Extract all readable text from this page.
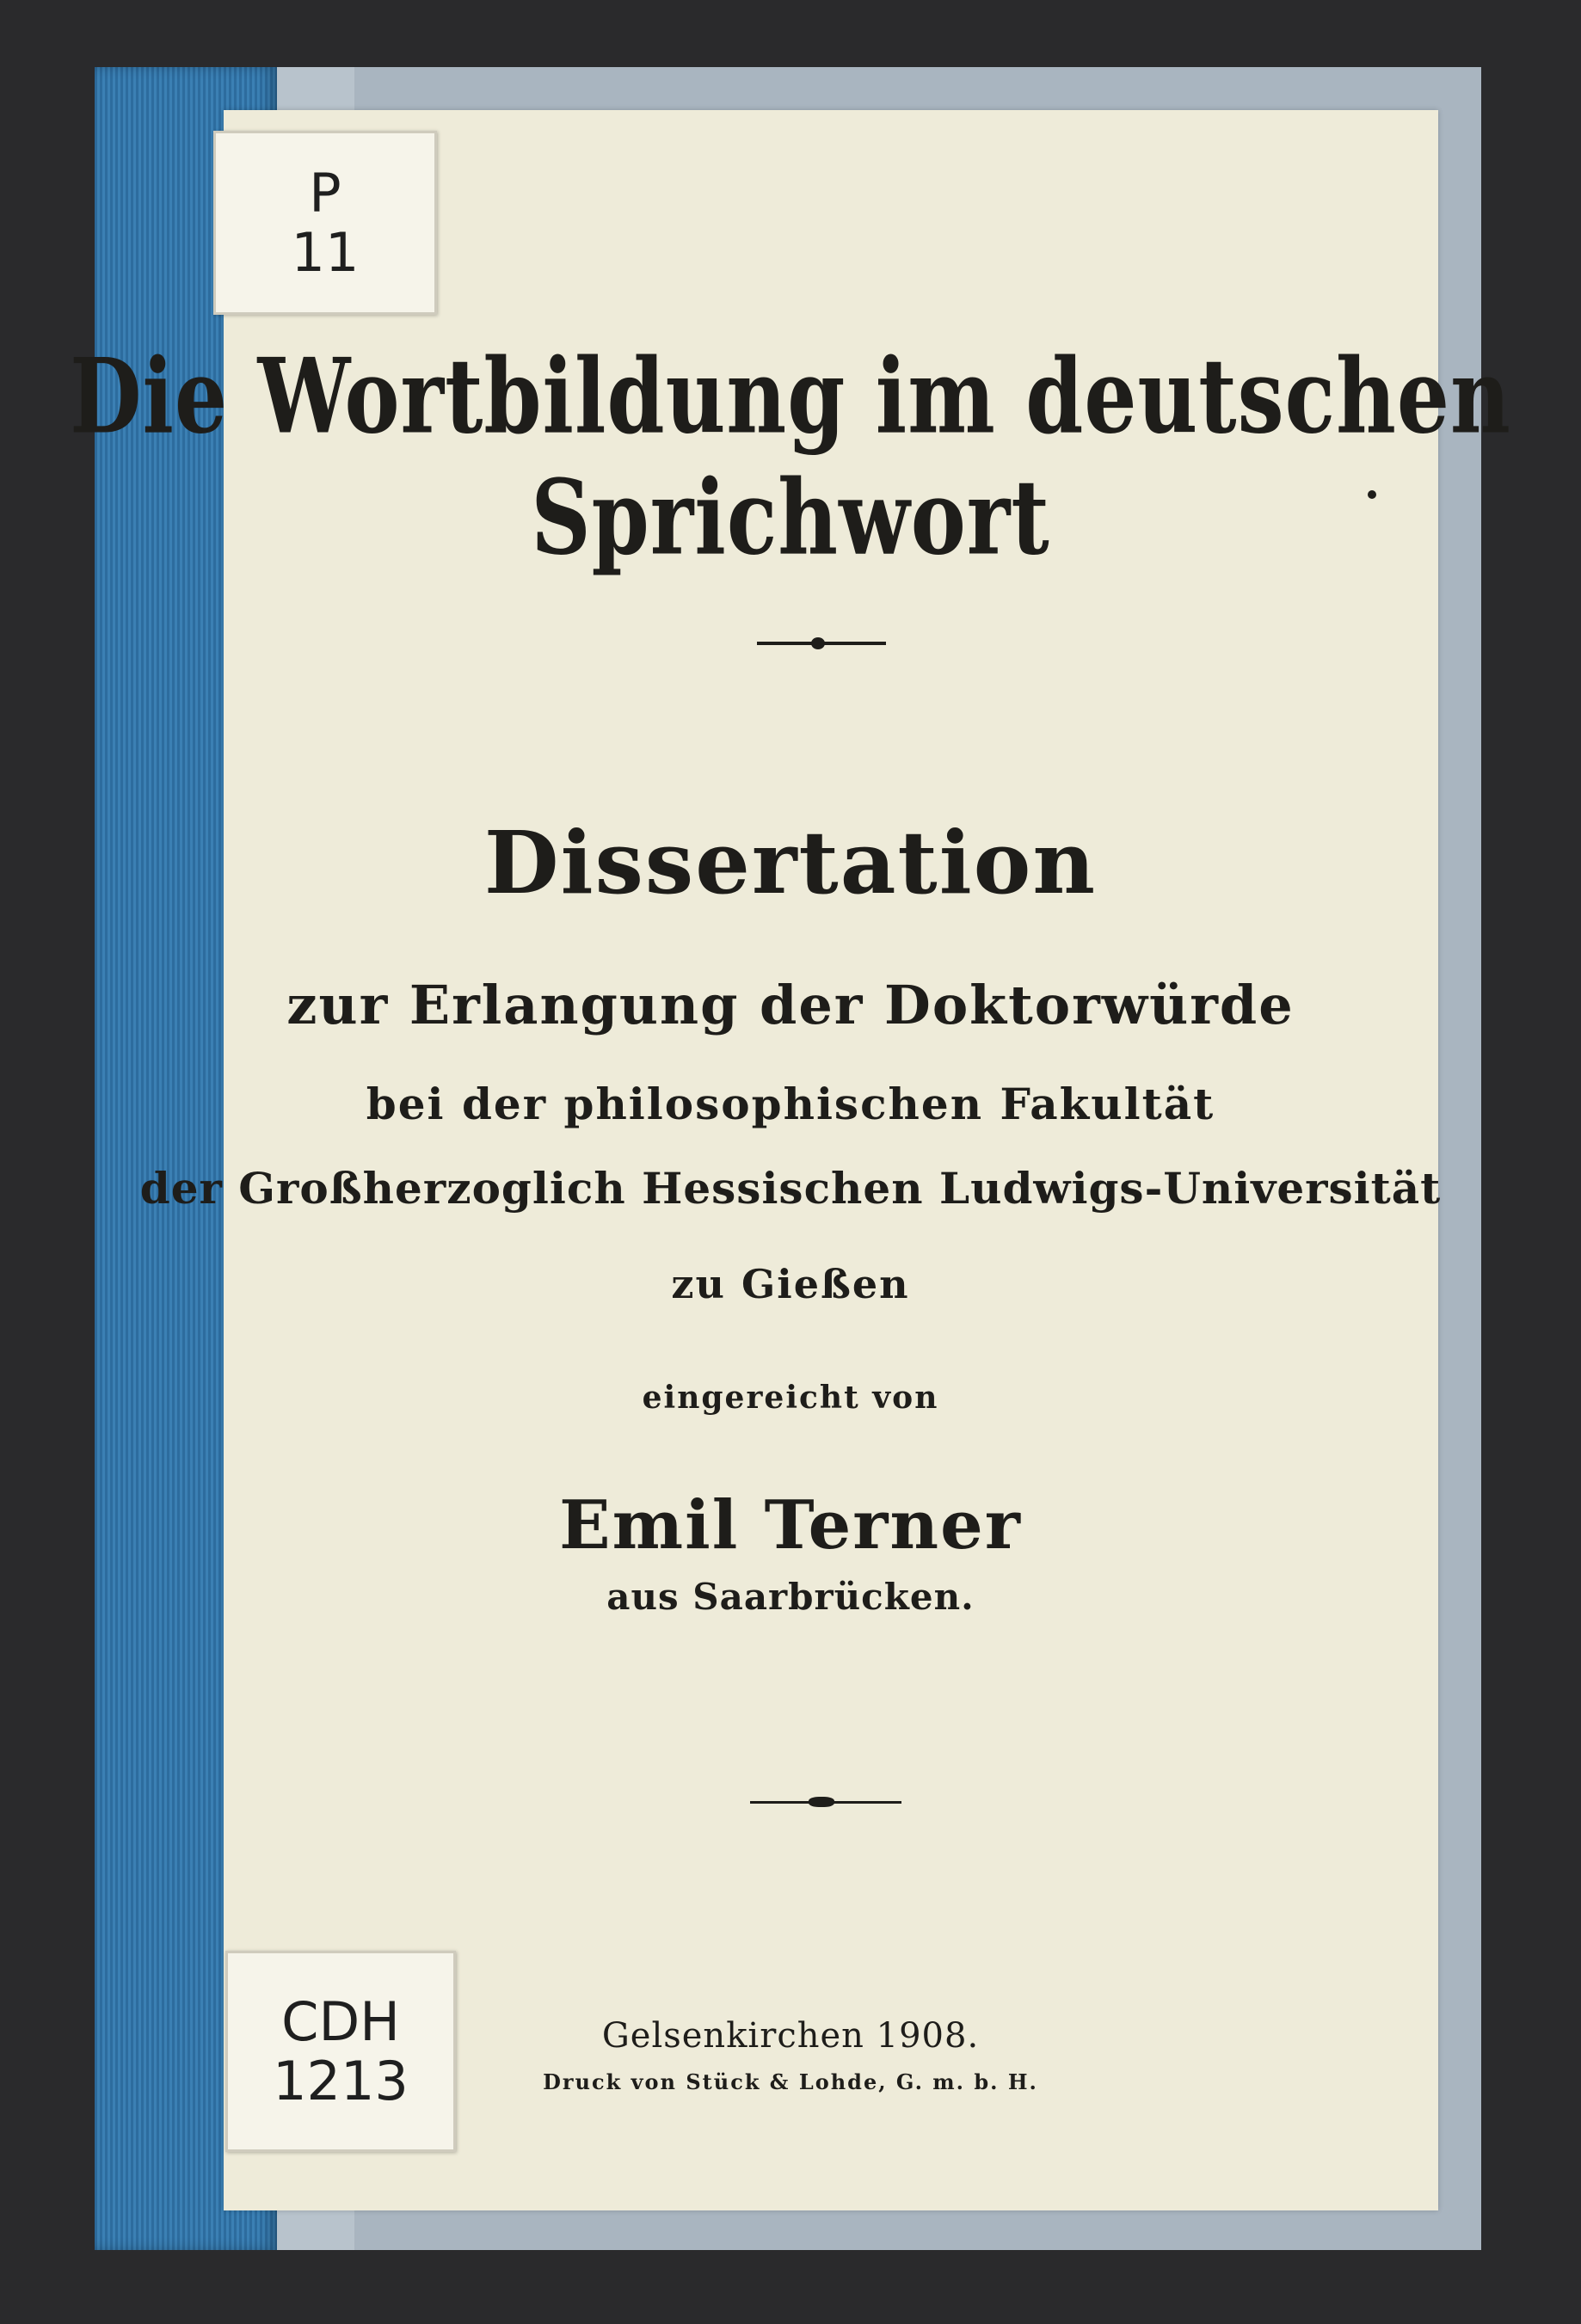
P
11
CDH
1213
Die Wortbildung im deutschen Sprichwort
Dissertation
zur Erlangung der Doktorwürde
bei der philosophischen Fakultät
der Großherzoglich Hessischen Ludwigs-Universität
zu Gießen
eingereicht von
Emil Terner
aus Saarbrücken.
Gelsenkirchen 1908.
Druck von Stück & Lohde, G. m. b. H.
